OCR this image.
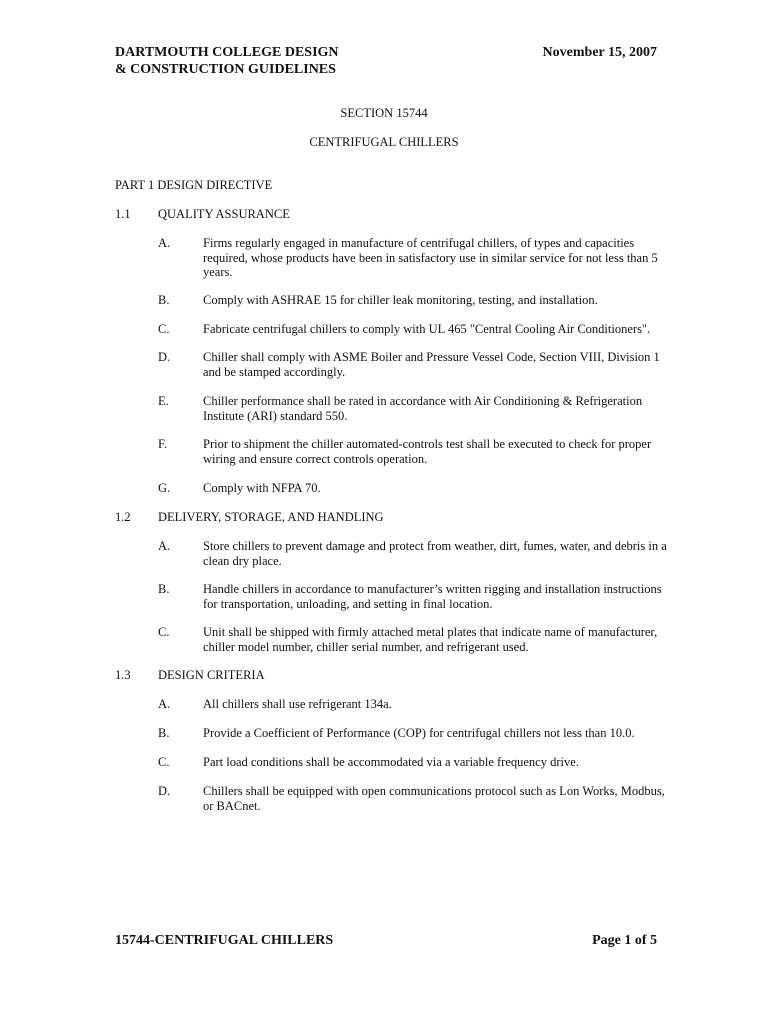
DARTMOUTH COLLEGE DESIGN
& CONSTRUCTION GUIDELINES
November 15, 2007
SECTION 15744
CENTRIFUGAL CHILLERS
PART 1 DESIGN DIRECTIVE
1.1 QUALITY ASSURANCE
A.	Firms regularly engaged in manufacture of centrifugal chillers, of types and capacities required, whose products have been in satisfactory use in similar service for not less than 5 years.
B.	Comply with ASHRAE 15 for chiller leak monitoring, testing, and installation.
C.	Fabricate centrifugal chillers to comply with UL 465 "Central Cooling Air Conditioners".
D.	Chiller shall comply with ASME Boiler and Pressure Vessel Code, Section VIII, Division 1 and be stamped accordingly.
E.	Chiller performance shall be rated in accordance with Air Conditioning & Refrigeration Institute (ARI) standard 550.
F.	Prior to shipment the chiller automated-controls test shall be executed to check for proper wiring and ensure correct controls operation.
G.	Comply with NFPA 70.
1.2 DELIVERY, STORAGE, AND HANDLING
A.	Store chillers to prevent damage and protect from weather, dirt, fumes, water, and debris in a clean dry place.
B.	Handle chillers in accordance to manufacturer’s written rigging and installation instructions for transportation, unloading, and setting in final location.
C.	Unit shall be shipped with firmly attached metal plates that indicate name of manufacturer, chiller model number, chiller serial number, and refrigerant used.
1.3 DESIGN CRITERIA
A.	All chillers shall use refrigerant 134a.
B.	Provide a Coefficient of Performance (COP) for centrifugal chillers not less than 10.0.
C.	Part load conditions shall be accommodated via a variable frequency drive.
D.	Chillers shall be equipped with open communications protocol such as Lon Works, Modbus, or BACnet.
15744-CENTRIFUGAL CHILLERS	Page 1 of 5
